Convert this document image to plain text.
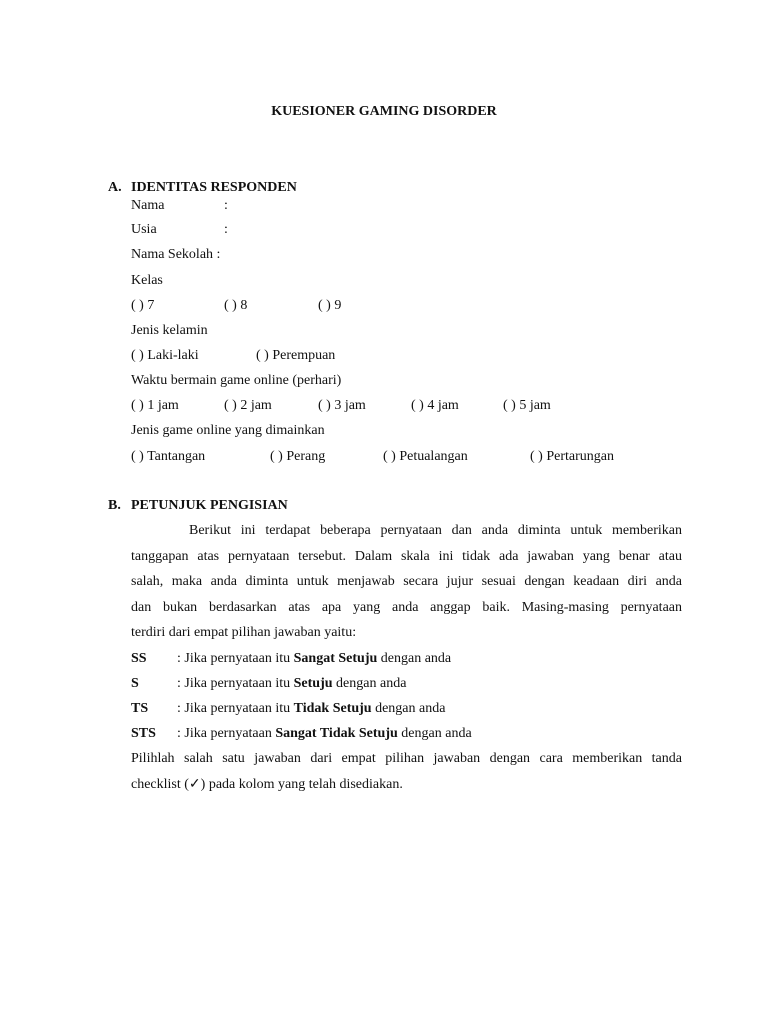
KUESIONER GAMING DISORDER
A. IDENTITAS RESPONDEN
Nama	:
Usia	:
Nama Sekolah :
Kelas
( ) 7	( ) 8	( ) 9
Jenis kelamin
( ) Laki-laki	( ) Perempuan
Waktu bermain game online (perhari)
( ) 1 jam	( ) 2 jam	( ) 3 jam	( ) 4 jam	( ) 5 jam
Jenis game online yang dimainkan
( ) Tantangan	( ) Perang	( ) Petualangan	( ) Pertarungan
B. PETUNJUK PENGISIAN
Berikut ini terdapat beberapa pernyataan dan anda diminta untuk memberikan
tanggapan atas pernyataan tersebut. Dalam skala ini tidak ada jawaban yang benar atau
salah, maka anda diminta untuk menjawab secara jujur sesuai dengan keadaan diri anda
dan bukan berdasarkan atas apa yang anda anggap baik. Masing-masing pernyataan
terdiri dari empat pilihan jawaban yaitu:
SS : Jika pernyataan itu Sangat Setuju dengan anda
S	: Jika pernyataan itu Setuju dengan anda
TS : Jika pernyataan itu Tidak Setuju dengan anda
STS : Jika pernyataan Sangat Tidak Setuju dengan anda
Pilihlah salah satu jawaban dari empat pilihan jawaban dengan cara memberikan tanda
checklist (✓) pada kolom yang telah disediakan.
